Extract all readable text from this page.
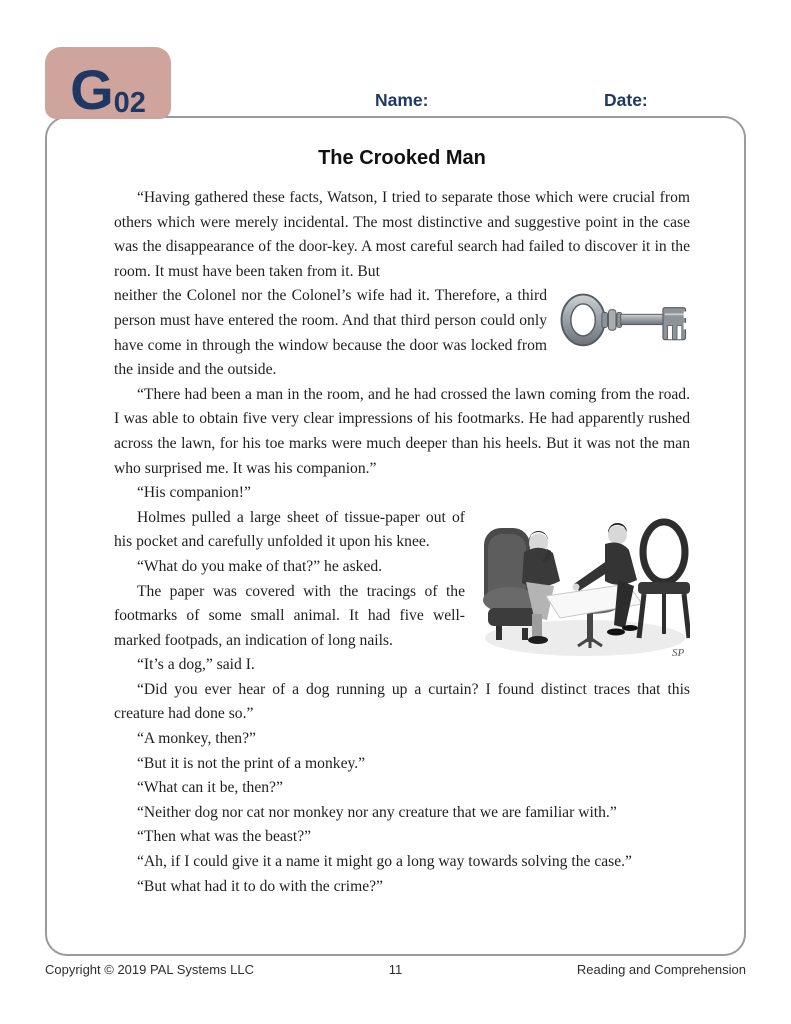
G 02	Name:	Date:
The Crooked Man

“Having gathered these facts, Watson, I tried to separate those which were crucial from others which were merely incidental. The most distinctive and suggestive point in the case was the disappearance of the door-key. A most careful search had failed to discover it in the room. It must have been taken from it. But

neither the Colonel nor the Colonel’s wife had it. Therefore, a third person must have entered the room. And that third person could only have come in through the window because the door was locked from the inside and the outside.

“There had been a man in the room, and he had crossed the lawn coming from the road. I was able to obtain five very clear impressions of his footmarks. He had apparently rushed across the lawn, for his toe marks were much deeper than his heels. But it was not the man who surprised me. It was his companion.”

“His companion!”

SP

Holmes pulled a large sheet of tissue-paper out of his pocket and carefully unfolded it upon his knee.

“What do you make of that?” he asked.

The paper was covered with the tracings of the footmarks of some small animal. It had five well-marked footpads, an indication of long nails.

“It’s a dog,” said I.

“Did you ever hear of a dog running up a curtain? I found distinct traces that this creature had done so.”

“A monkey, then?”

“But it is not the print of a monkey.”

“What can it be, then?”

“Neither dog nor cat nor monkey nor any creature that we are familiar with.”

“Then what was the beast?”

“Ah, if I could give it a name it might go a long way towards solving the case.”

“But what had it to do with the crime?”

Copyright © 2019 PAL Systems LLC	11	Reading and Comprehension
